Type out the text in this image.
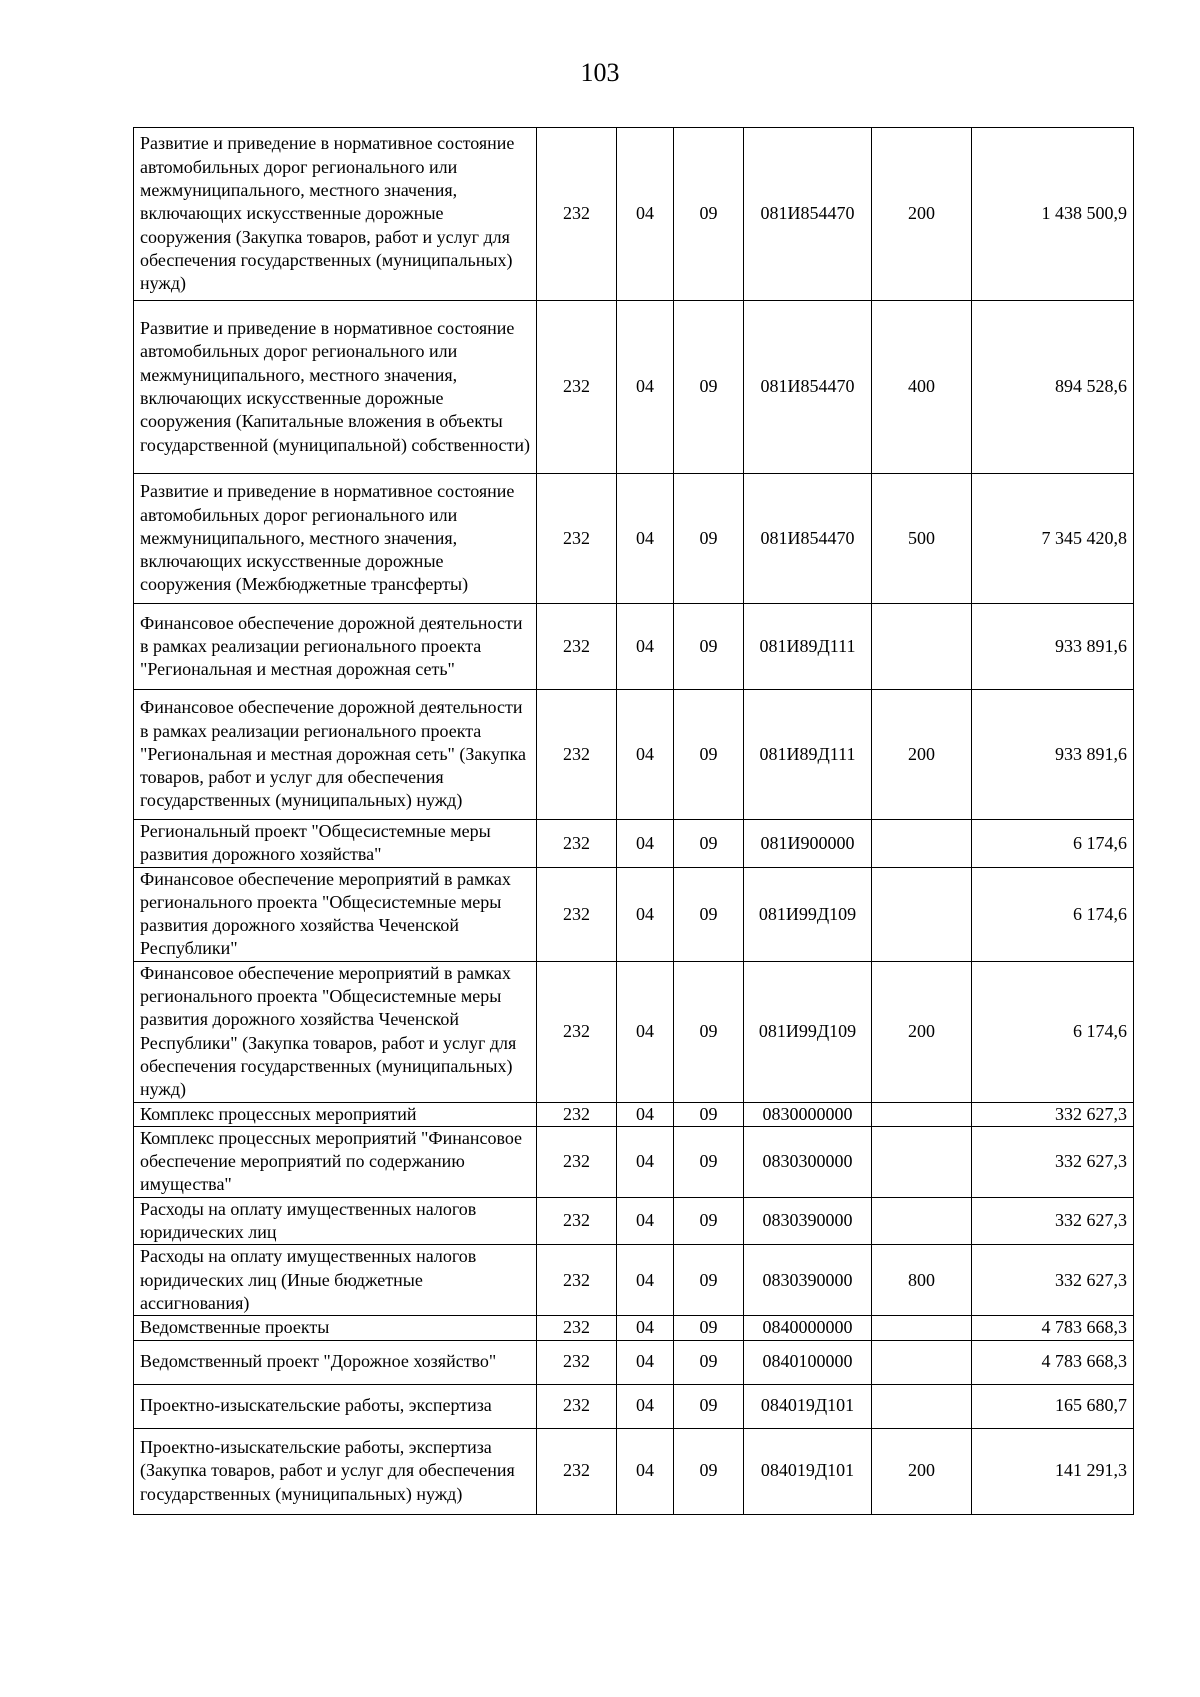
103
Развитие и приведение в нормативное состояние автомобильных дорог регионального или межмуниципального, местного значения, включающих искусственные дорожные сооружения (Закупка товаров, работ и услуг для обеспечения государственных (муниципальных) нужд)	232	04	09	081И854470	200	1 438 500,9
Развитие и приведение в нормативное состояние автомобильных дорог регионального или межмуниципального, местного значения, включающих искусственные дорожные сооружения (Капитальные вложения в объекты государственной (муниципальной) собственности)	232	04	09	081И854470	400	894 528,6
Развитие и приведение в нормативное состояние автомобильных дорог регионального или межмуниципального, местного значения, включающих искусственные дорожные сооружения (Межбюджетные трансферты)	232	04	09	081И854470	500	7 345 420,8
Финансовое обеспечение дорожной деятельности в рамках реализации регионального проекта "Региональная и местная дорожная сеть"	232	04	09	081И89Д111		933 891,6
Финансовое обеспечение дорожной деятельности в рамках реализации регионального проекта "Региональная и местная дорожная сеть" (Закупка товаров, работ и услуг для обеспечения государственных (муниципальных) нужд)	232	04	09	081И89Д111	200	933 891,6
Региональный проект "Общесистемные меры развития дорожного хозяйства"	232	04	09	081И900000		6 174,6
Финансовое обеспечение мероприятий в рамках регионального проекта "Общесистемные меры развития дорожного хозяйства Чеченской Республики"	232	04	09	081И99Д109		6 174,6
Финансовое обеспечение мероприятий в рамках регионального проекта "Общесистемные меры развития дорожного хозяйства Чеченской Республики" (Закупка товаров, работ и услуг для обеспечения государственных (муниципальных) нужд)	232	04	09	081И99Д109	200	6 174,6
Комплекс процессных мероприятий	232	04	09	0830000000		332 627,3
Комплекс процессных мероприятий "Финансовое обеспечение мероприятий по содержанию имущества"	232	04	09	0830300000		332 627,3
Расходы на оплату имущественных налогов юридических лиц	232	04	09	0830390000		332 627,3
Расходы на оплату имущественных налогов юридических лиц (Иные бюджетные ассигнования)	232	04	09	0830390000	800	332 627,3
Ведомственные проекты	232	04	09	0840000000		4 783 668,3
Ведомственный проект "Дорожное хозяйство"	232	04	09	0840100000		4 783 668,3
Проектно-изыскательские работы, экспертиза	232	04	09	084019Д101		165 680,7
Проектно-изыскательские работы, экспертиза (Закупка товаров, работ и услуг для обеспечения государственных (муниципальных) нужд)	232	04	09	084019Д101	200	141 291,3
